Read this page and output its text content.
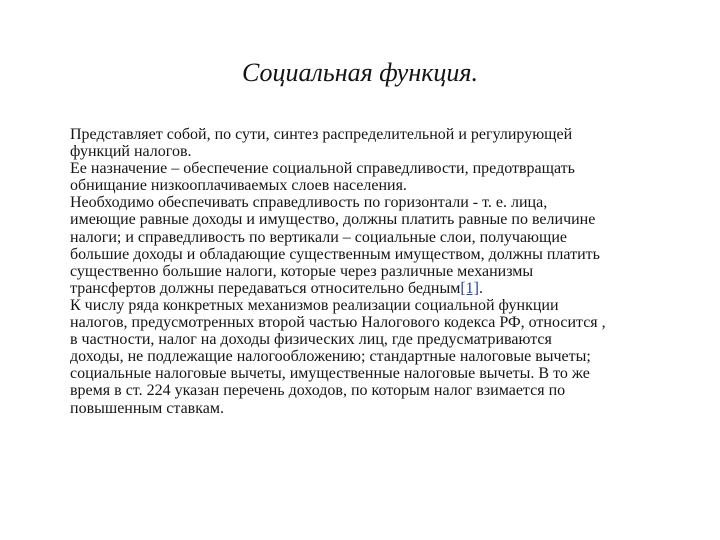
Социальная функция.
Представляет собой, по сути, синтез распределительной и регулирующей
функций налогов.
Ее назначение – обеспечение социальной справедливости, предотвращать
обнищание низкооплачиваемых слоев населения.
Необходимо обеспечивать справедливость по горизонтали - т. е. лица,
имеющие равные доходы и имущество, должны платить равные по величине
налоги; и справедливость по вертикали – социальные слои, получающие
большие доходы и обладающие существенным имуществом, должны платить
существенно большие налоги, которые через различные механизмы
трансфертов должны передаваться относительно бедным[1].
К числу ряда конкретных механизмов реализации социальной функции
налогов, предусмотренных второй частью Налогового кодекса РФ, относится ,
в частности, налог на доходы физических лиц, где предусматриваются
доходы, не подлежащие налогообложению; стандартные налоговые вычеты;
социальные налоговые вычеты, имущественные налоговые вычеты. В то же
время в ст. 224 указан перечень доходов, по которым налог взимается по
повышенным ставкам.
